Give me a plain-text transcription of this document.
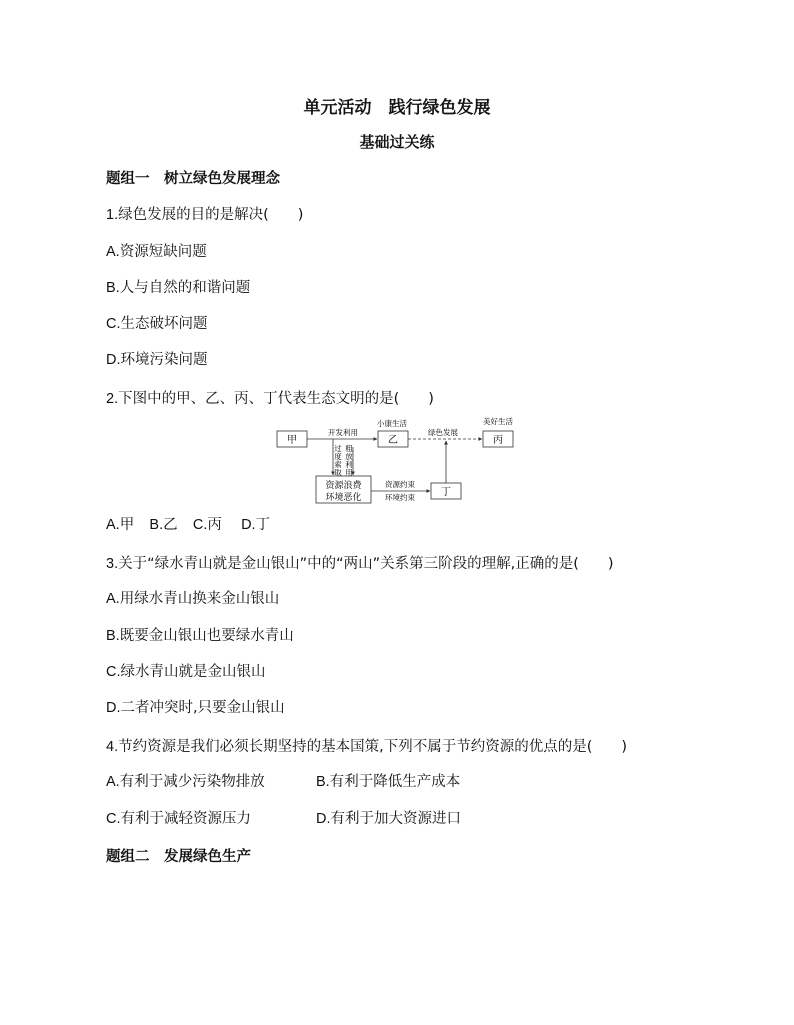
单元活动　践行绿色发展
基础过关练
题组一　树立绿色发展理念
1.绿色发展的目的是解决(　　)
A.资源短缺问题
B.人与自然的和谐问题
C.生态破坏问题
D.环境污染问题
2.下图中的甲、乙、丙、丁代表生态文明的是(　　)
甲	乙	丙
丁
资源浪费
环境恶化
开发利用
小康生活	美好生活
绿色发展
过
度
索
取
粗
放
利
用
资源约束
环境约束
A.甲 B.乙 C.丙 D.丁
3.关于“绿水青山就是金山银山”中的“两山”关系第三阶段的理解,正确的是(　　)
A.用绿水青山换来金山银山
B.既要金山银山也要绿水青山
C.绿水青山就是金山银山
D.二者冲突时,只要金山银山
4.节约资源是我们必须长期坚持的基本国策,下列不属于节约资源的优点的是(　　)
A.有利于减少污染物排放	B.有利于降低生产成本
C.有利于减轻资源压力	D.有利于加大资源进口
题组二　发展绿色生产
